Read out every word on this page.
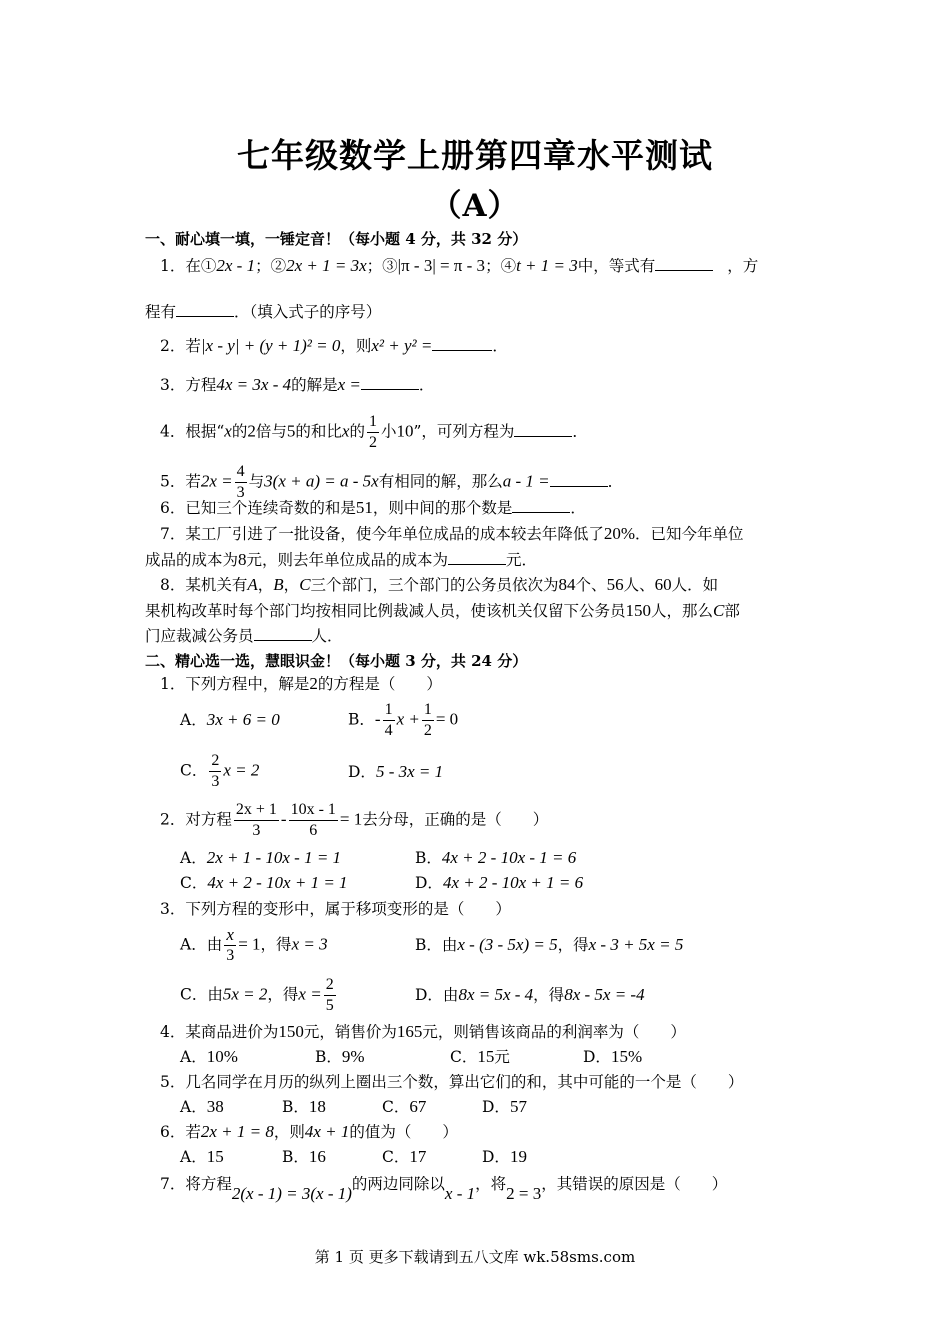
七年级数学上册第四章水平测试
（A）
一、耐心填一填，一锤定音！（每小题 4 分，共 32 分）
1．在①2x - 1；②2x + 1 = 3x；③|π - 3| = π - 3；④t + 1 = 3中，等式有	，方
程有	．（填入式子的序号）
2．若|x - y| + (y + 1)² = 0，则x² + y² =	．
3．方程4x = 3x - 4的解是x =	．
4．根据“x的2倍与5的和比x的 $\frac{1}{2}$ 小10”，可列方程为	．
5．若$2x = \frac{4}{3}$ 与3(x + a) = a - 5x有相同的解，那么a - 1 =	．
6．已知三个连续奇数的和是51，则中间的那个数是	．
7．某工厂引进了一批设备，使今年单位成品的成本较去年降低了20%．已知今年单位
成品的成本为8元，则去年单位成品的成本为	元．
8．某机关有A，B，C三个部门，三个部门的公务员依次为84个、56人、60人．如
果机构改革时每个部门均按相同比例裁减人员，使该机关仅留下公务员150人，那么C部
门应裁减公务员	人．
二、精心选一选，慧眼识金！（每小题 3 分，共 24 分）
1．下列方程中，解是2的方程是（　　）
A．3x + 6 = 0	B．- $\frac{1}{4}$ $x + \frac{1}{2} = 0$
C． $\frac{2}{3}$ x = 2	D．5 - 3x = 1
2．对方程 $\frac{2x + 1}{3} - \frac{10x - 1}{6} = 1$去分母，正确的是（　　）
A．2x + 1 - 10x - 1 = 1	B．4x + 2 - 10x - 1 = 6
C．4x + 2 - 10x + 1 = 1	D．4x + 2 - 10x + 1 = 6
3．下列方程的变形中，属于移项变形的是（　　）
A．由 $\frac{x}{3} = 1$，得x = 3	B．由x - (3 - 5x) = 5，得x - 3 + 5x = 5
C．由5x = 2，得$x = \frac{2}{5}$	D．由8x = 5x - 4，得8x - 5x = -4
4．某商品进价为150元，销售价为165元，则销售该商品的利润率为（　　）
A．10%	B．9%	C．15元	D．15%
5．几名同学在月历的纵列上圈出三个数，算出它们的和，其中可能的一个是（　　）
A．38	B．18	C．67	D．57
6．若2x + 1 = 8，则4x + 1的值为（　　）
A．15	B．16	C．17	D．19
7．将方程2(x - 1) = 3(x - 1)的两边同除以x - 1，将2 = 3，其错误的原因是（　　）
第 1 页 更多下载请到五八文库 wk.58sms.com
